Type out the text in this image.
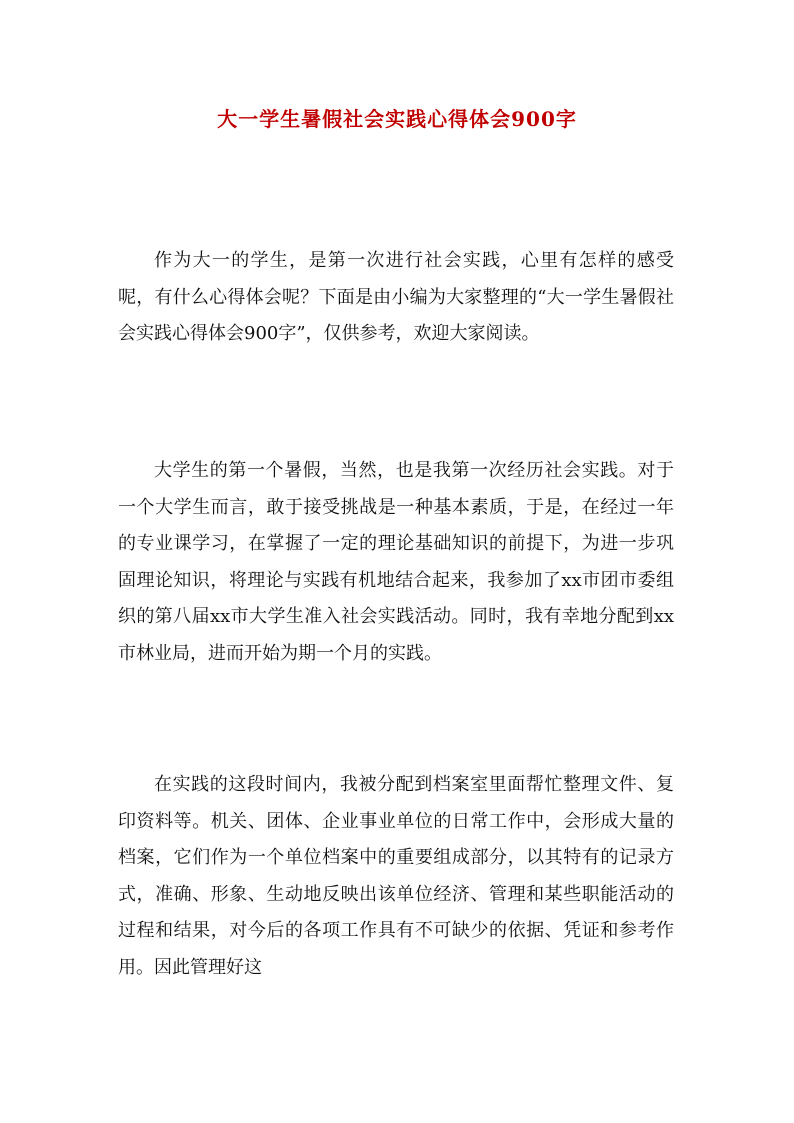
大一学生暑假社会实践心得体会900字

作为大一的学生，是第一次进行社会实践，心里有怎样的感受呢，有什么心得体会呢？下面是由小编为大家整理的“大一学生暑假社会实践心得体会900字”，仅供参考，欢迎大家阅读。

大学生的第一个暑假，当然，也是我第一次经历社会实践。对于一个大学生而言，敢于接受挑战是一种基本素质，于是，在经过一年的专业课学习，在掌握了一定的理论基础知识的前提下，为进一步巩固理论知识，将理论与实践有机地结合起来，我参加了xx市团市委组织的第八届xx市大学生准入社会实践活动。同时，我有幸地分配到xx市林业局，进而开始为期一个月的实践。

在实践的这段时间内，我被分配到档案室里面帮忙整理文件、复印资料等。机关、团体、企业事业单位的日常工作中，会形成大量的档案，它们作为一个单位档案中的重要组成部分，以其特有的记录方式，准确、形象、生动地反映出该单位经济、管理和某些职能活动的过程和结果，对今后的各项工作具有不可缺少的依据、凭证和参考作用。因此管理好这
